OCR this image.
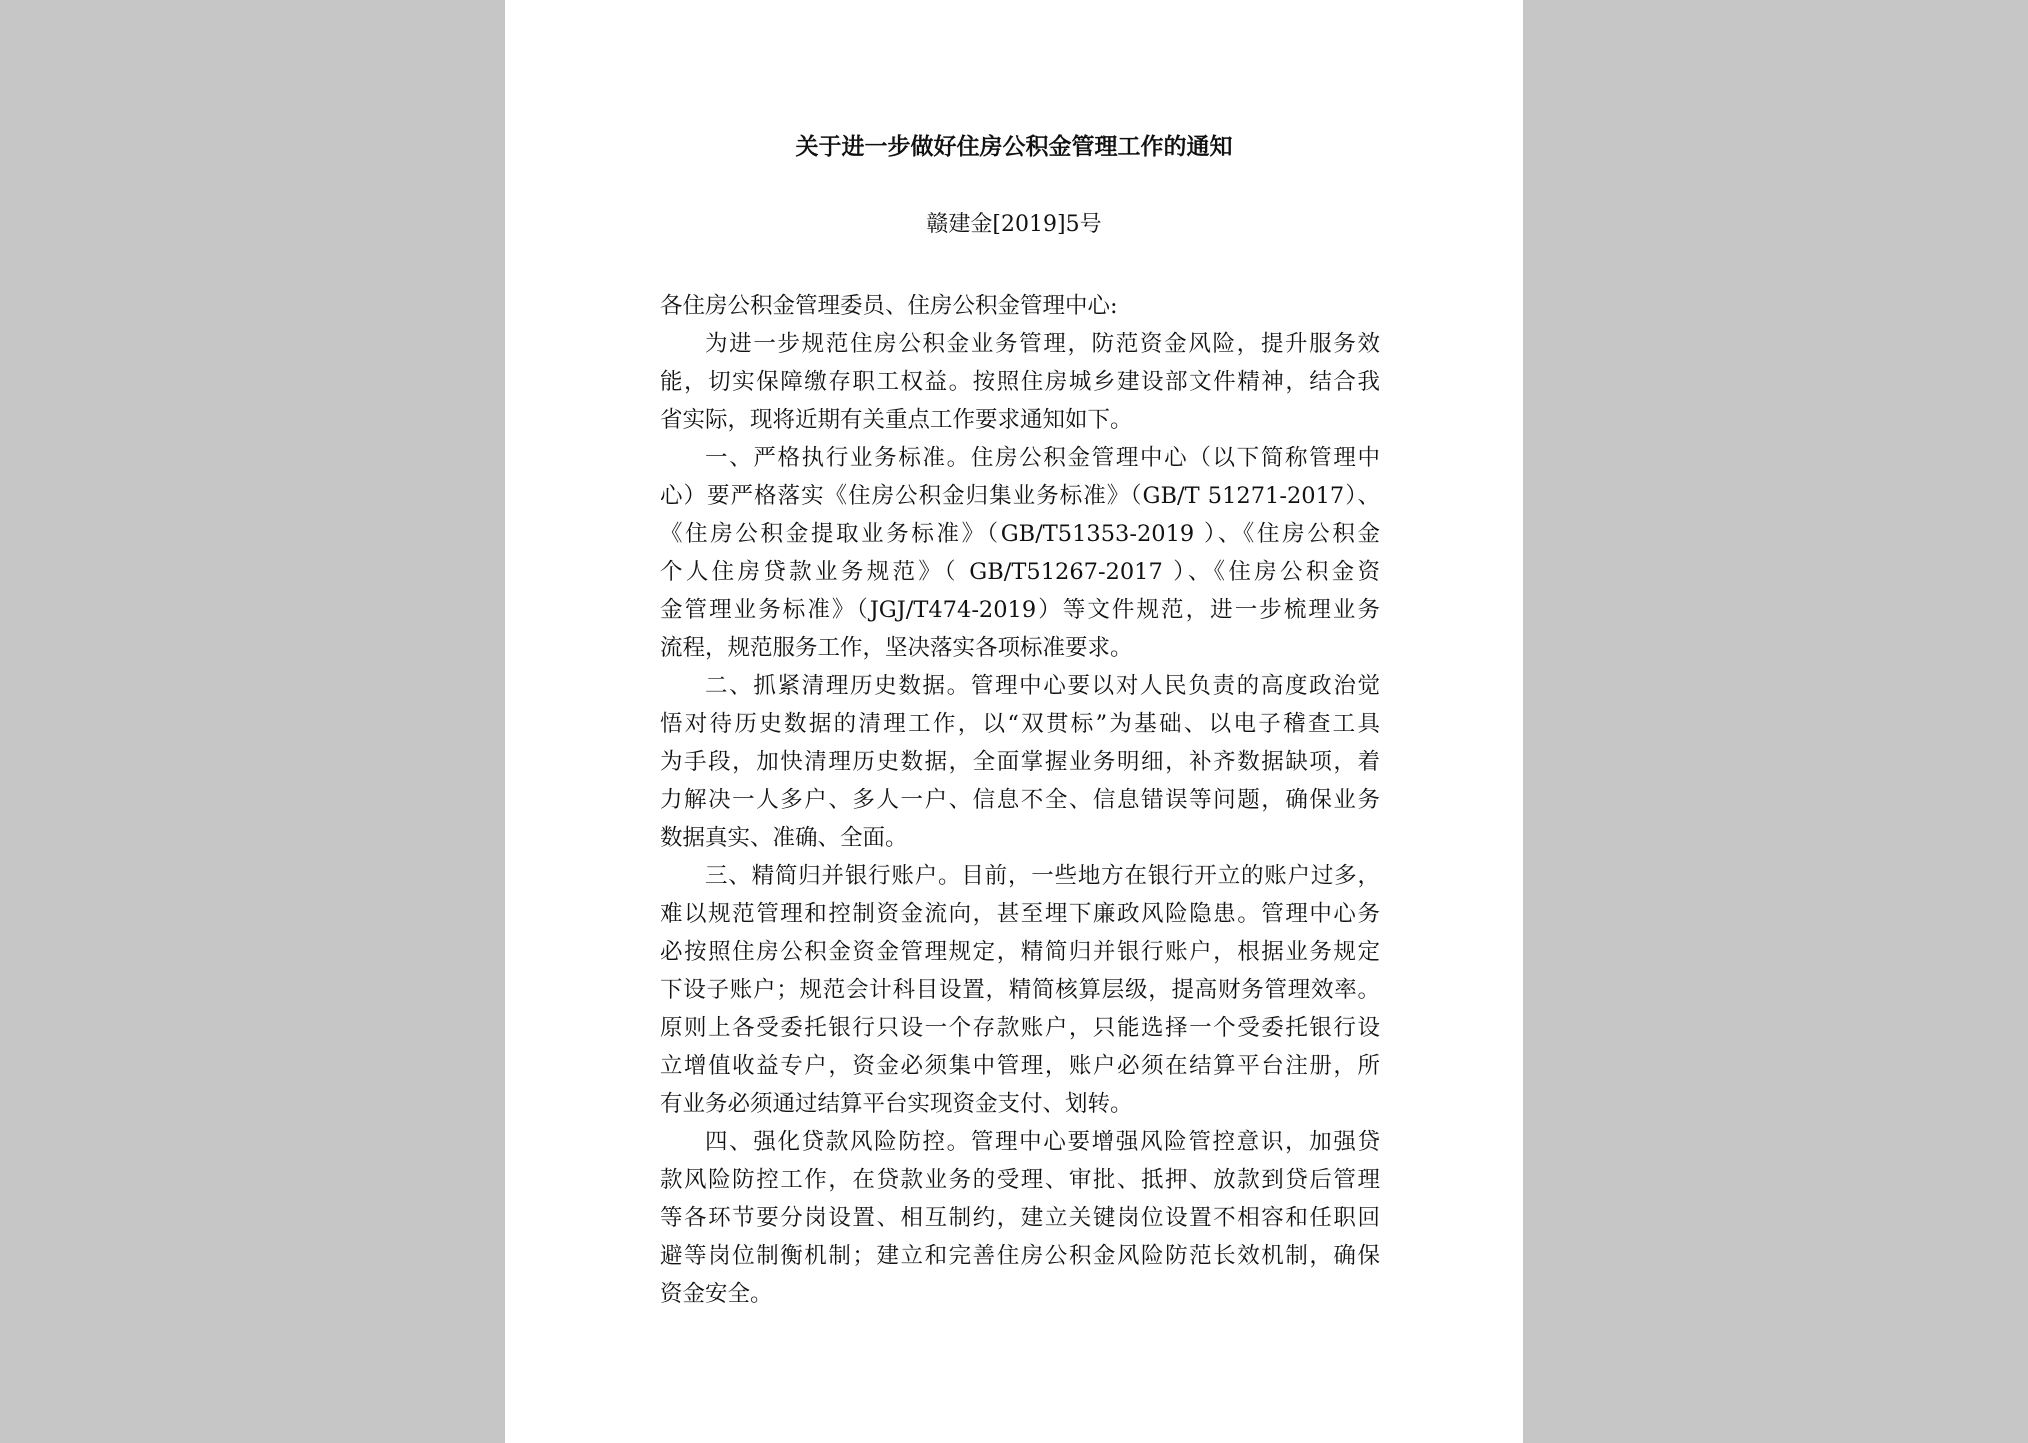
关于进一步做好住房公积金管理工作的通知
赣建金[2019]5号
各住房公积金管理委员、住房公积金管理中心:
为进一步规范住房公积金业务管理，防范资金风险，提升服务效
能，切实保障缴存职工权益。按照住房城乡建设部文件精神，结合我
省实际，现将近期有关重点工作要求通知如下。
一、严格执行业务标准。住房公积金管理中心（以下简称管理中
心）要严格落实《住房公积金归集业务标准》（GB/T 51271-2017）、
《住房公积金提取业务标准》（GB/T51353-2019 ）、《住房公积金
个人住房贷款业务规范》（ GB/T51267-2017 ）、《住房公积金资
金管理业务标准》（JGJ/T474-2019）等文件规范，进一步梳理业务
流程，规范服务工作，坚决落实各项标准要求。
二、抓紧清理历史数据。管理中心要以对人民负责的高度政治觉
悟对待历史数据的清理工作，以“双贯标”为基础、以电子稽查工具
为手段，加快清理历史数据，全面掌握业务明细，补齐数据缺项，着
力解决一人多户、多人一户、信息不全、信息错误等问题，确保业务
数据真实、准确、全面。
三、精简归并银行账户。目前，一些地方在银行开立的账户过多，
难以规范管理和控制资金流向，甚至埋下廉政风险隐患。管理中心务
必按照住房公积金资金管理规定，精简归并银行账户，根据业务规定
下设子账户；规范会计科目设置，精简核算层级，提高财务管理效率。
原则上各受委托银行只设一个存款账户，只能选择一个受委托银行设
立增值收益专户，资金必须集中管理，账户必须在结算平台注册，所
有业务必须通过结算平台实现资金支付、划转。
四、强化贷款风险防控。管理中心要增强风险管控意识，加强贷
款风险防控工作，在贷款业务的受理、审批、抵押、放款到贷后管理
等各环节要分岗设置、相互制约，建立关键岗位设置不相容和任职回
避等岗位制衡机制；建立和完善住房公积金风险防范长效机制，确保
资金安全。
